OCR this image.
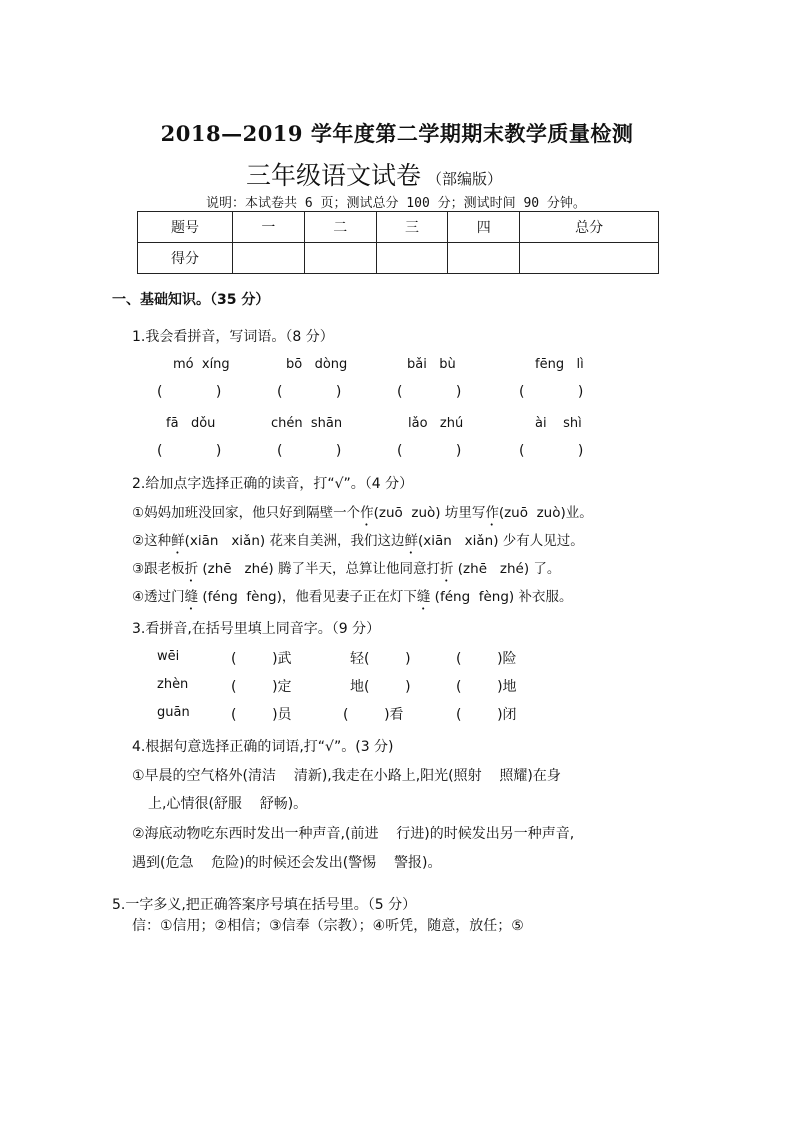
2018—2019 学年度第二学期期末教学质量检测
三年级语文试卷 （部编版）
说明：本试卷共 6 页；测试总分 100 分；测试时间 90 分钟。
题号	一	二	三	四	总分
得分					
一、基础知识。（35 分）
1.我会看拼音，写词语。（8 分）
mó  xíng	bō   dòng	bǎi   bù	fēng   lì
(            )	(            )	(            )	(            )
fā   dǒu	chén  shān	lǎo   zhú	ài    shì
(            )	(            )	(            )	(            )
2.给加点字选择正确的读音，打“√”。（4 分）
①妈妈加班没回家，他只好到隔壁一个作(zuō  zuò) 坊里写作(zuō  zuò)业。
②这种鲜(xiān   xiǎn) 花来自美洲，我们这边鲜(xiān   xiǎn) 少有人见过。
③跟老板折 (zhē   zhé) 腾了半天，总算让他同意打折 (zhē   zhé) 了。
④透过门缝 (féng  fèng)，他看见妻子正在灯下缝 (féng  fèng) 补衣服。
3.看拼音,在括号里填上同音字。（9 分）
wēi	(        )武	轻(        )	(        )险
zhèn	(        )定	地(        )	(        )地
guān	(        )员	(        )看	(        )闭
4.根据句意选择正确的词语,打“√”。(3 分)
①早晨的空气格外(清洁    清新),我走在小路上,阳光(照射    照耀)在身
上,心情很(舒服    舒畅)。
②海底动物吃东西时发出一种声音,(前进    行进)的时候发出另一种声音,
遇到(危急    危险)的时候还会发出(警惕    警报)。
5.一字多义,把正确答案序号填在括号里。（5 分）
信：①信用；②相信；③信奉（宗教）；④听凭，随意，放任；⑤
